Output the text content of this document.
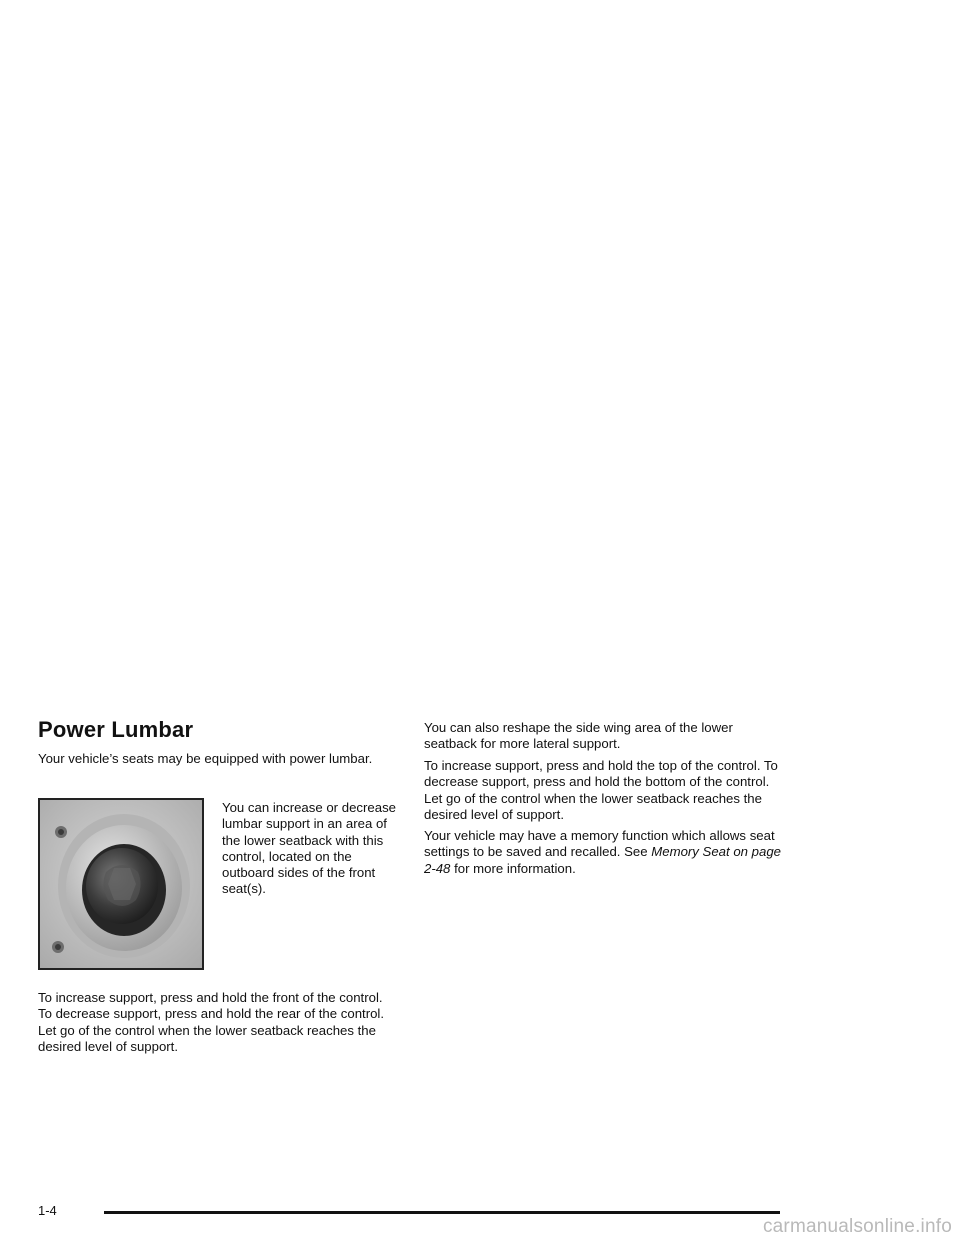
Power Lumbar

Your vehicle’s seats may be equipped with power lumbar.

You can increase or decrease lumbar support in an area of the lower seatback with this control, located on the outboard sides of the front seat(s).

To increase support, press and hold the front of the control. To decrease support, press and hold the rear of the control. Let go of the control when the lower seatback reaches the desired level of support.

You can also reshape the side wing area of the lower seatback for more lateral support.

To increase support, press and hold the top of the control. To decrease support, press and hold the bottom of the control. Let go of the control when the lower seatback reaches the desired level of support.

Your vehicle may have a memory function which allows seat settings to be saved and recalled. See Memory Seat on page 2-48 for more information.

1-4
carmanualsonline.info
